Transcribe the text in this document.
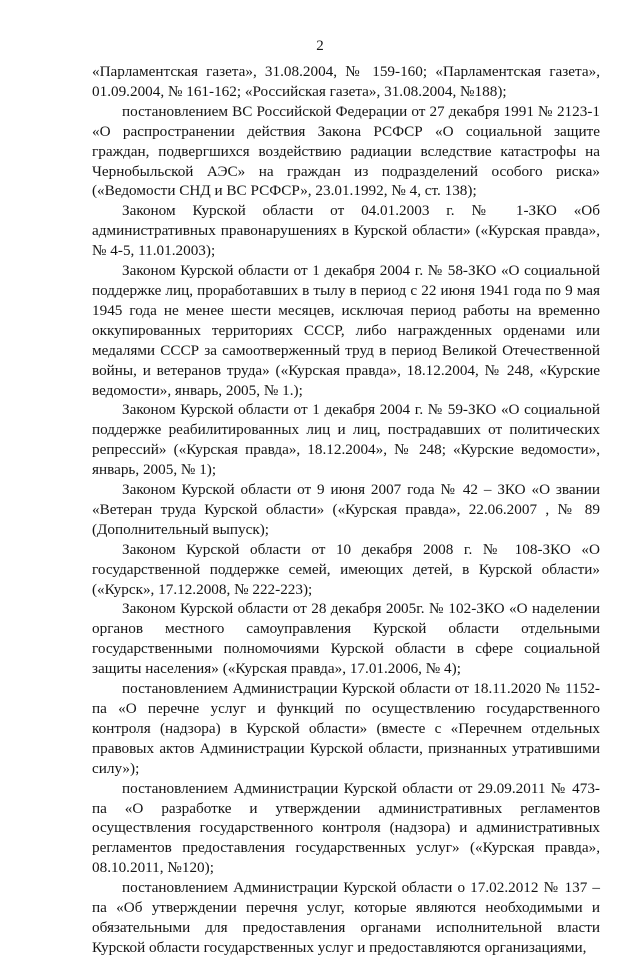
2

«Парламентская газета», 31.08.2004, № 159-160; «Парламентская газета», 01.09.2004, № 161-162; «Российская газета», 31.08.2004, №188);

постановлением ВС Российской Федерации от 27 декабря 1991 № 2123-1 «О распространении действия Закона РСФСР «О социальной защите граждан, подвергшихся воздействию радиации вследствие катастрофы на Чернобыльской АЭС» на граждан из подразделений особого риска» («Ведомости СНД и ВС РСФСР», 23.01.1992, № 4, ст. 138);

Законом Курской области от 04.01.2003 г. № 1-ЗКО «Об административных правонарушениях в Курской области» («Курская правда», № 4-5, 11.01.2003);

Законом Курской области от 1 декабря 2004 г. № 58-ЗКО «О социальной поддержке лиц, проработавших в тылу в период с 22 июня 1941 года по 9 мая 1945 года не менее шести месяцев, исключая период работы на временно оккупированных территориях СССР, либо награжденных орденами или медалями СССР за самоотверженный труд в период Великой Отечественной войны, и ветеранов труда» («Курская правда», 18.12.2004, № 248, «Курские ведомости», январь, 2005, № 1.);

Законом Курской области от 1 декабря 2004 г. № 59-ЗКО «О социальной поддержке реабилитированных лиц и лиц, пострадавших от политических репрессий» («Курская правда», 18.12.2004», № 248; «Курские ведомости», январь, 2005, № 1);

Законом Курской области от 9 июня 2007 года № 42 – ЗКО «О звании «Ветеран труда Курской области» («Курская правда», 22.06.2007 , № 89 (Дополнительный выпуск);

Законом Курской области от 10 декабря 2008 г. № 108-ЗКО «О государственной поддержке семей, имеющих детей, в Курской области» («Курск», 17.12.2008, № 222-223);

Законом Курской области от 28 декабря 2005г. № 102-ЗКО «О наделении органов местного самоуправления Курской области отдельными государственными полномочиями Курской области в сфере социальной защиты населения» («Курская правда», 17.01.2006, № 4);

постановлением Администрации Курской области от 18.11.2020 № 1152-па «О перечне услуг и функций по осуществлению государственного контроля (надзора) в Курской области» (вместе с «Перечнем отдельных правовых актов Администрации Курской области, признанных утратившими силу»);

постановлением Администрации Курской области от 29.09.2011 № 473-па «О разработке и утверждении административных регламентов осуществления государственного контроля (надзора) и административных регламентов предоставления государственных услуг» («Курская правда», 08.10.2011, №120);

постановлением Администрации Курской области о 17.02.2012 № 137 – па «Об утверждении перечня услуг, которые являются необходимыми и обязательными для предоставления органами исполнительной власти Курской области государственных услуг и предоставляются организациями,
